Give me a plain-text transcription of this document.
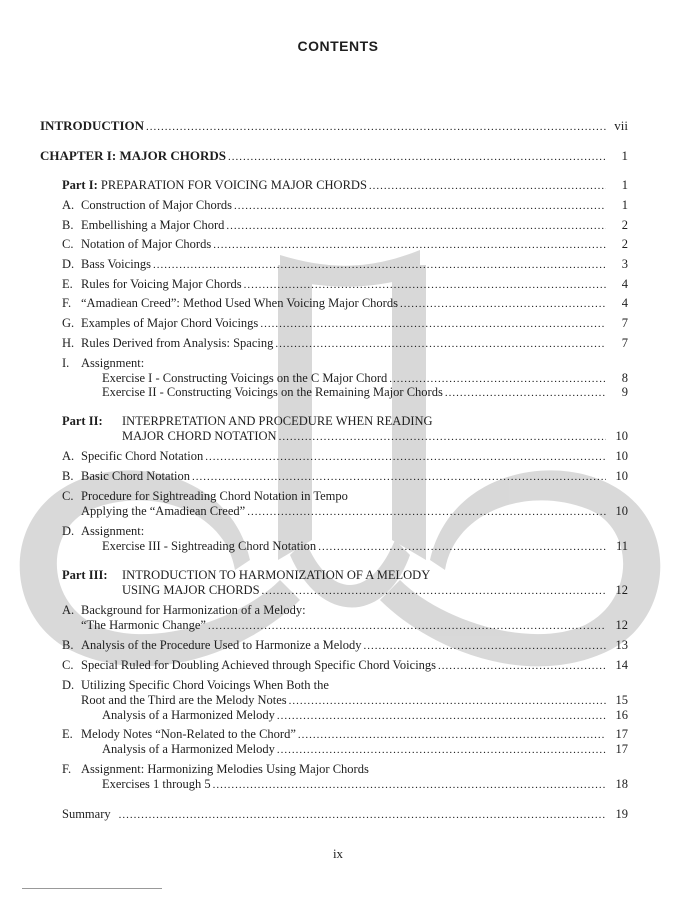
CONTENTS
INTRODUCTION .....	vii
CHAPTER I: MAJOR CHORDS .....	1
Part I: PREPARATION FOR VOICING MAJOR CHORDS .....	1
A. Construction of Major Chords .....	1
B. Embellishing a Major Chord .....	2
C. Notation of Major Chords .....	2
D. Bass Voicings .....	3
E. Rules for Voicing Major Chords .....	4
F. “Amadiean Creed”: Method Used When Voicing Major Chords .....	4
G. Examples of Major Chord Voicings .....	7
H. Rules Derived from Analysis: Spacing .....	7
I. Assignment:
Exercise I - Constructing Voicings on the C Major Chord .....	8
Exercise II - Constructing Voicings on the Remaining Major Chords .....	9
Part II: INTERPRETATION AND PROCEDURE WHEN READING
MAJOR CHORD NOTATION .....	10
A. Specific Chord Notation .....	10
B. Basic Chord Notation .....	10
C. Procedure for Sightreading Chord Notation in Tempo
Applying the “Amadiean Creed” .....	10
D. Assignment:
Exercise III - Sightreading Chord Notation .....	11
Part III: INTRODUCTION TO HARMONIZATION OF A MELODY
USING MAJOR CHORDS .....	12
A. Background for Harmonization of a Melody:
“The Harmonic Change” .....	12
B. Analysis of the Procedure Used to Harmonize a Melody .....	13
C. Special Ruled for Doubling Achieved through Specific Chord Voicings .....	14
D. Utilizing Specific Chord Voicings When Both the
Root and the Third are the Melody Notes .....	15
Analysis of a Harmonized Melody .....	16
E. Melody Notes “Non-Related to the Chord” .....	17
Analysis of a Harmonized Melody .....	17
F. Assignment: Harmonizing Melodies Using Major Chords
Exercises 1 through 5 .....	18
Summary .....	19
ix
